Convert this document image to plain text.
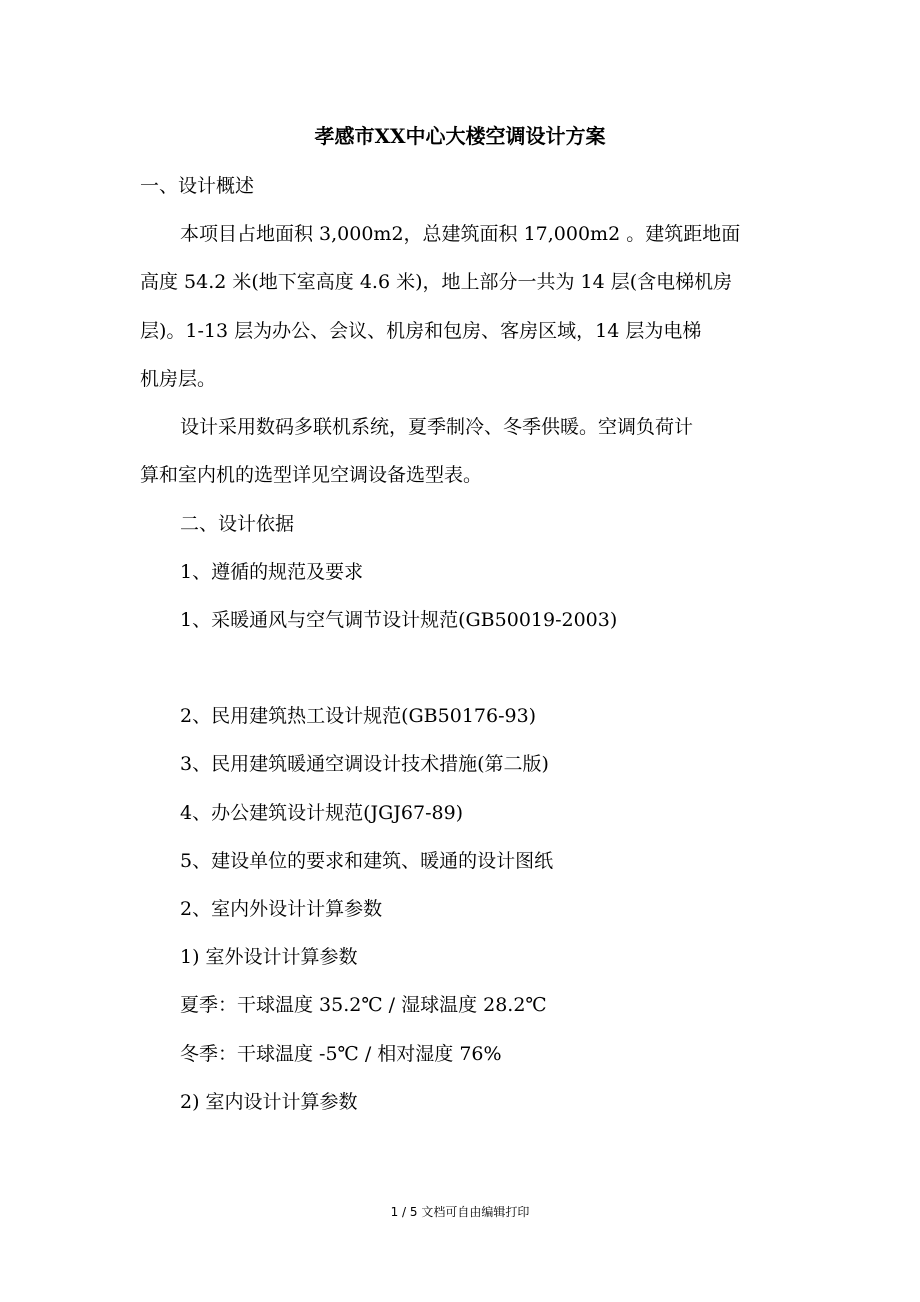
孝感市XX中心大楼空调设计方案
一、设计概述
本项目占地面积 3,000m2，总建筑面积 17,000m2 。建筑距地面
高度 54.2 米(地下室高度 4.6 米)，地上部分一共为 14 层(含电梯机房
层)。1-13 层为办公、会议、机房和包房、客房区域，14 层为电梯
机房层。
设计采用数码多联机系统，夏季制冷、冬季供暖。空调负荷计
算和室内机的选型详见空调设备选型表。
二、设计依据
1、遵循的规范及要求
1、采暖通风与空气调节设计规范(GB50019-2003)
2、民用建筑热工设计规范(GB50176-93)
3、民用建筑暖通空调设计技术措施(第二版)
4、办公建筑设计规范(JGJ67-89)
5、建设单位的要求和建筑、暖通的设计图纸
2、室内外设计计算参数
1) 室外设计计算参数
夏季：干球温度 35.2℃ / 湿球温度 28.2℃
冬季：干球温度 -5℃ / 相对湿度 76%
2) 室内设计计算参数
1 / 5 文档可自由编辑打印
